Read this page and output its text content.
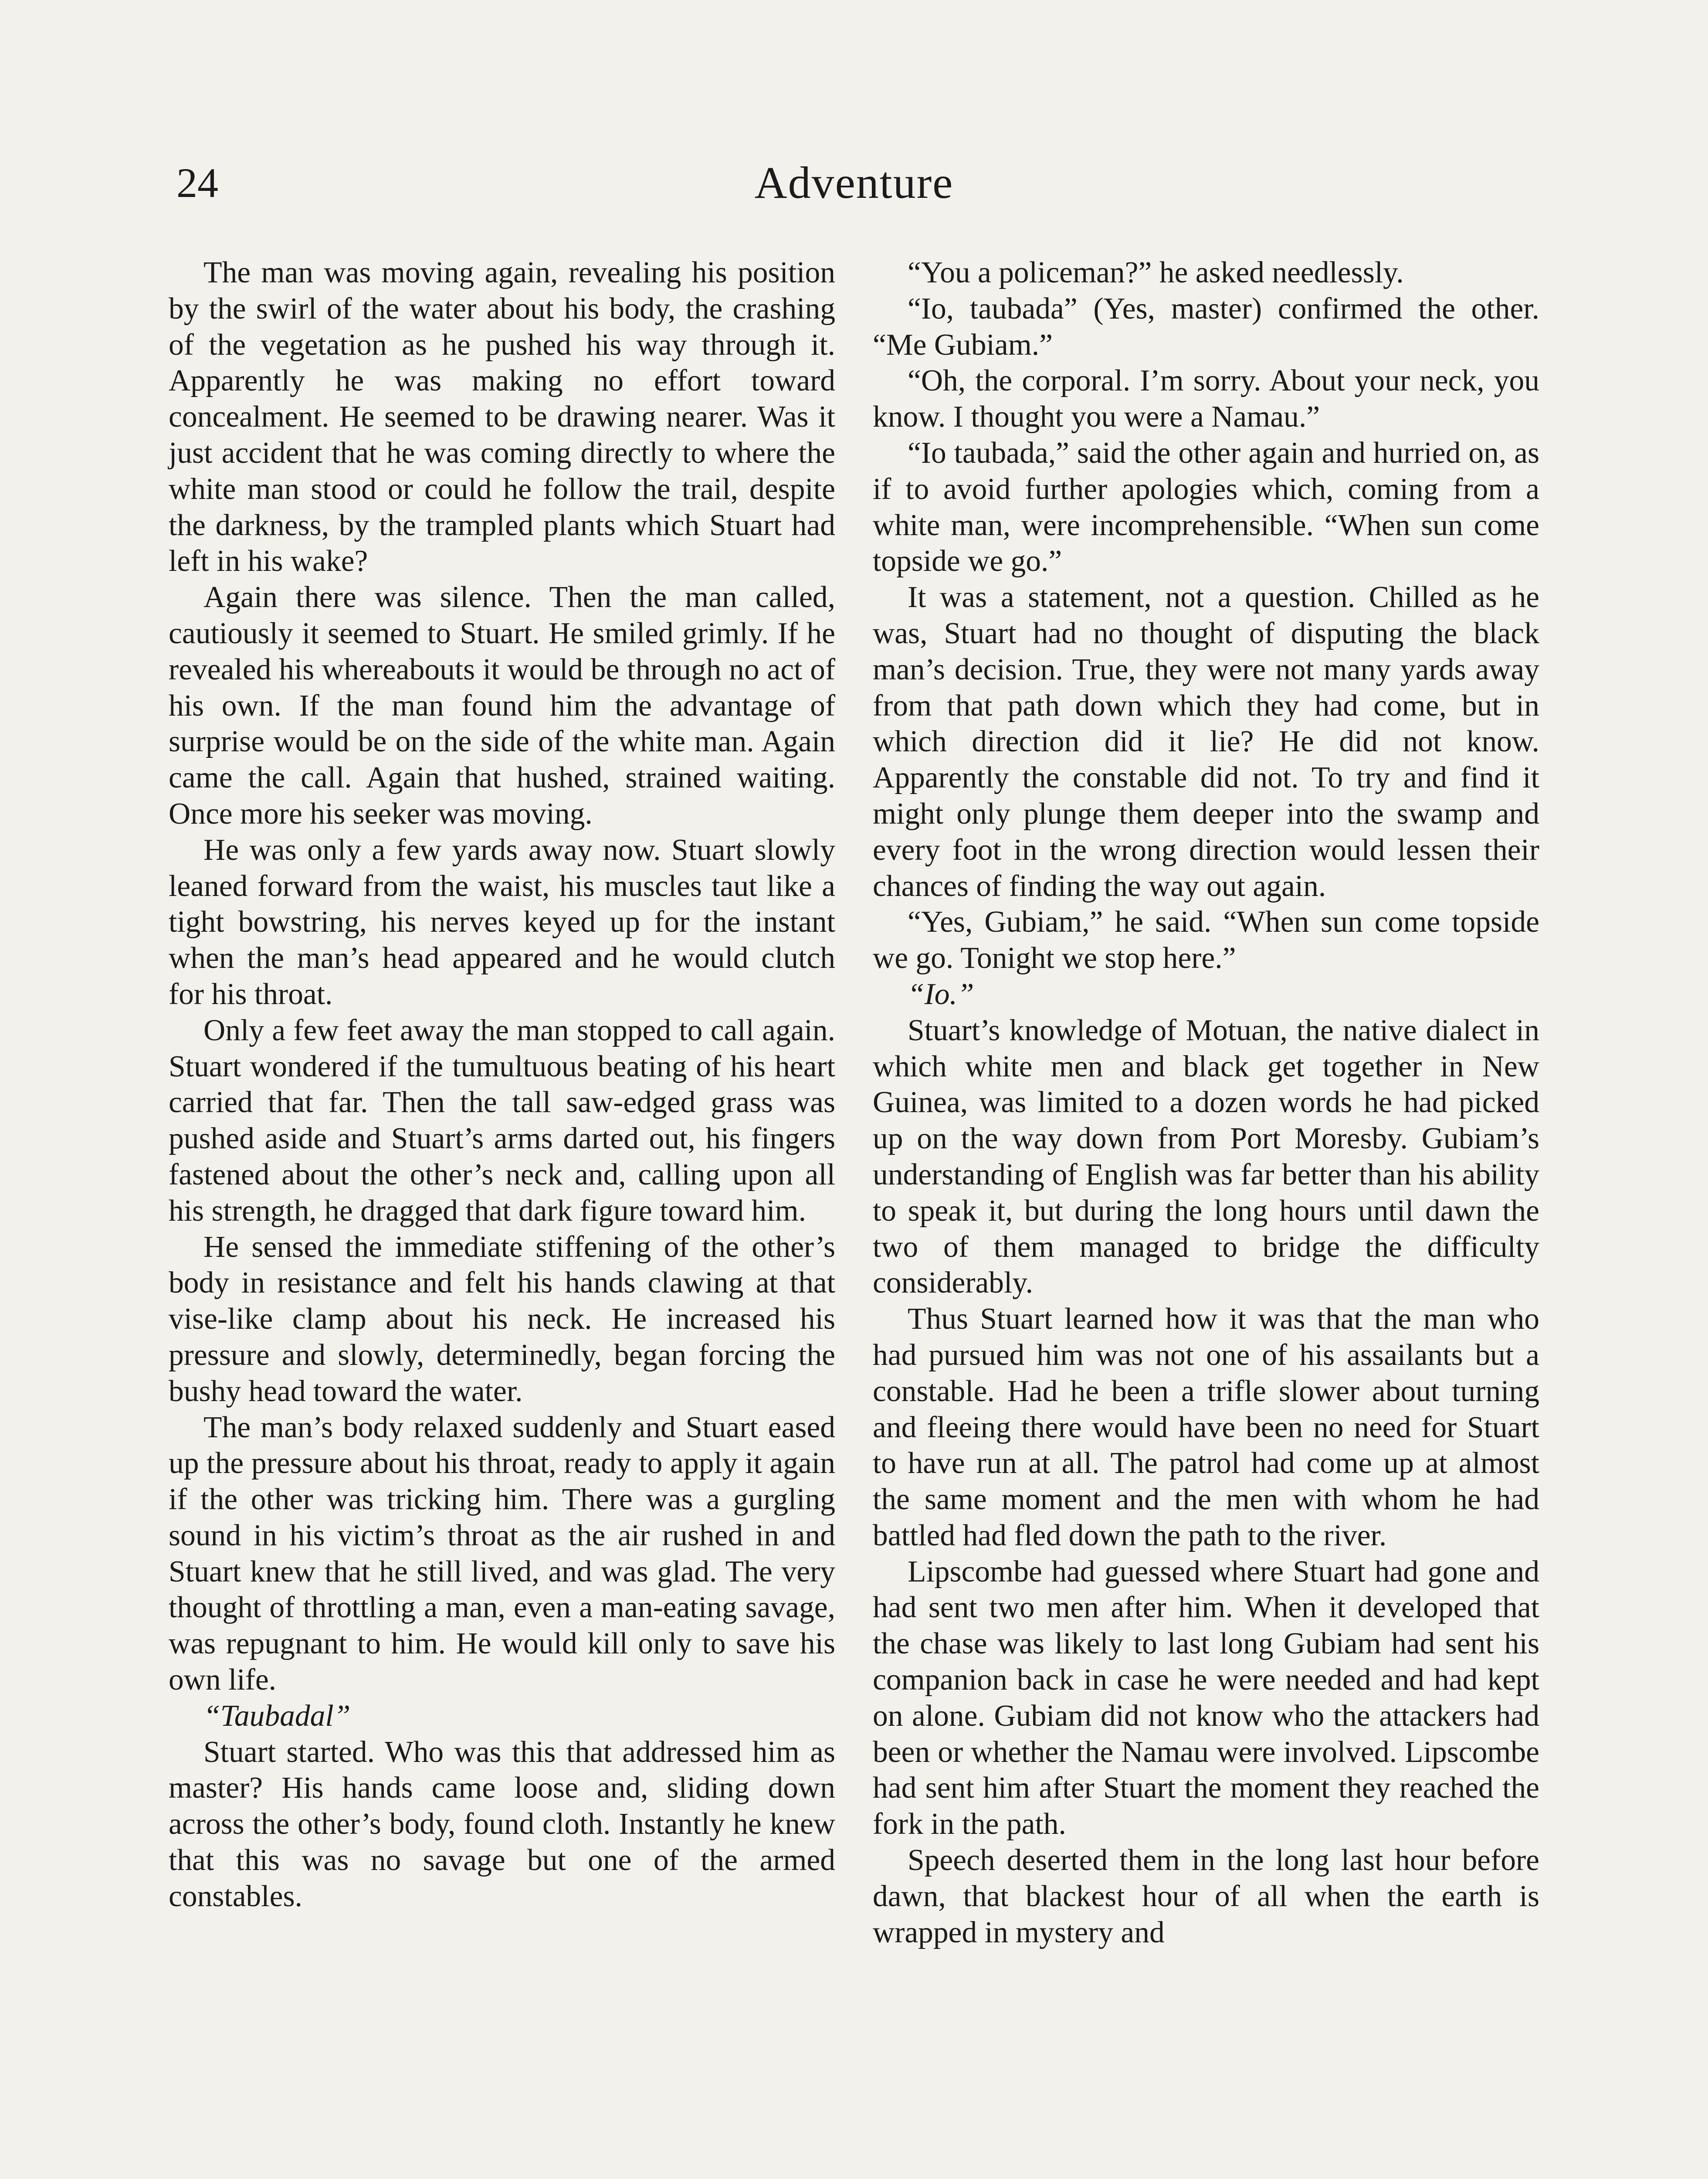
24	Adventure

The man was moving again, revealing his position by the swirl of the water about his body, the crashing of the vegetation as he pushed his way through it. Apparently he was making no effort toward concealment. He seemed to be drawing nearer. Was it just accident that he was coming directly to where the white man stood or could he follow the trail, despite the darkness, by the trampled plants which Stuart had left in his wake?

Again there was silence. Then the man called, cautiously it seemed to Stuart. He smiled grimly. If he revealed his whereabouts it would be through no act of his own. If the man found him the advantage of surprise would be on the side of the white man. Again came the call. Again that hushed, strained waiting. Once more his seeker was moving.

He was only a few yards away now. Stuart slowly leaned forward from the waist, his muscles taut like a tight bowstring, his nerves keyed up for the instant when the man’s head appeared and he would clutch for his throat.

Only a few feet away the man stopped to call again. Stuart wondered if the tumultuous beating of his heart carried that far. Then the tall saw-edged grass was pushed aside and Stuart’s arms darted out, his fingers fastened about the other’s neck and, calling upon all his strength, he dragged that dark figure toward him.

He sensed the immediate stiffening of the other’s body in resistance and felt his hands clawing at that vise-like clamp about his neck. He increased his pressure and slowly, determinedly, began forcing the bushy head toward the water.

The man’s body relaxed suddenly and Stuart eased up the pressure about his throat, ready to apply it again if the other was tricking him. There was a gurgling sound in his victim’s throat as the air rushed in and Stuart knew that he still lived, and was glad. The very thought of throttling a man, even a man-eating savage, was repugnant to him. He would kill only to save his own life.

“Taubadal”

Stuart started. Who was this that addressed him as master? His hands came loose and, sliding down across the other’s body, found cloth. Instantly he knew that this was no savage but one of the armed constables.

“You a policeman?” he asked needlessly.

“Io, taubada” (Yes, master) confirmed the other. “Me Gubiam.”

“Oh, the corporal. I’m sorry. About your neck, you know. I thought you were a Namau.”

“Io taubada,” said the other again and hurried on, as if to avoid further apologies which, coming from a white man, were incomprehensible. “When sun come topside we go.”

It was a statement, not a question. Chilled as he was, Stuart had no thought of disputing the black man’s decision. True, they were not many yards away from that path down which they had come, but in which direction did it lie? He did not know. Apparently the constable did not. To try and find it might only plunge them deeper into the swamp and every foot in the wrong direction would lessen their chances of finding the way out again.

“Yes, Gubiam,” he said. “When sun come topside we go. Tonight we stop here.”

“Io.”

Stuart’s knowledge of Motuan, the native dialect in which white men and black get together in New Guinea, was limited to a dozen words he had picked up on the way down from Port Moresby. Gubiam’s understanding of English was far better than his ability to speak it, but during the long hours until dawn the two of them managed to bridge the difficulty considerably.

Thus Stuart learned how it was that the man who had pursued him was not one of his assailants but a constable. Had he been a trifle slower about turning and fleeing there would have been no need for Stuart to have run at all. The patrol had come up at almost the same moment and the men with whom he had battled had fled down the path to the river.

Lipscombe had guessed where Stuart had gone and had sent two men after him. When it developed that the chase was likely to last long Gubiam had sent his companion back in case he were needed and had kept on alone. Gubiam did not know who the attackers had been or whether the Namau were involved. Lipscombe had sent him after Stuart the moment they reached the fork in the path.

Speech deserted them in the long last hour before dawn, that blackest hour of all when the earth is wrapped in mystery and
